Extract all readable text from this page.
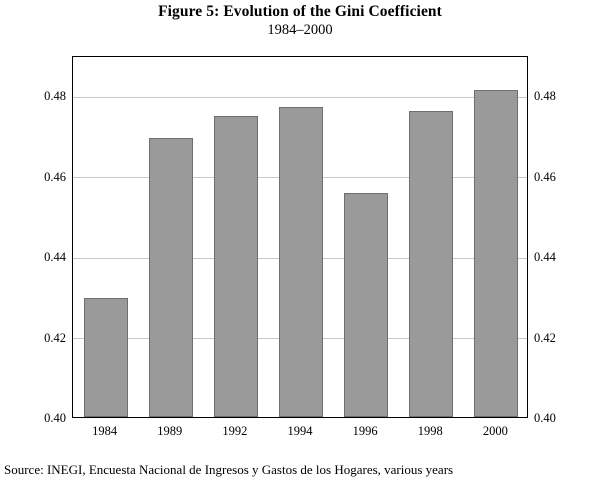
Figure 5: Evolution of the Gini Coefficient
1984–2000
0.40
0.42
0.44
0.46
0.48
0.40
0.42
0.44
0.46
0.48
1984	1989	1992	1994	1996	1998	2000
Source: INEGI, Encuesta Nacional de Ingresos y Gastos de los Hogares, various years
